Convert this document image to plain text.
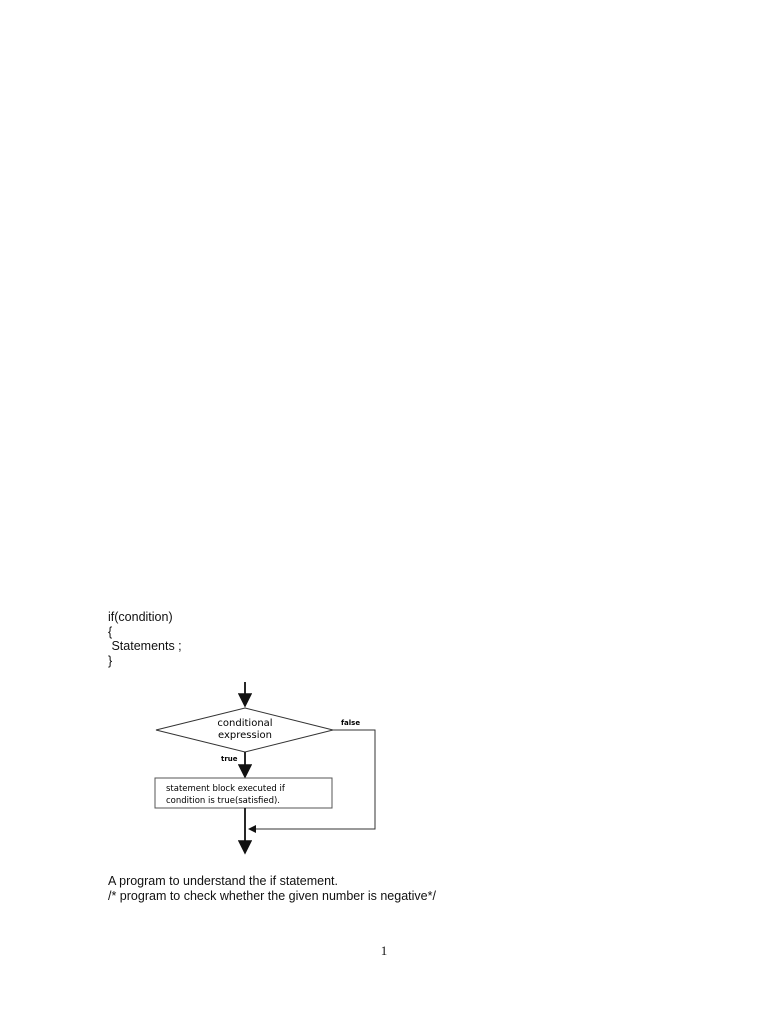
if(condition)
{
Statements ;
}
conditional
expression
false
true
statement block executed if
condition is true(satisfied).
A program to understand the if statement.
/* program to check whether the given number is negative*/
1
